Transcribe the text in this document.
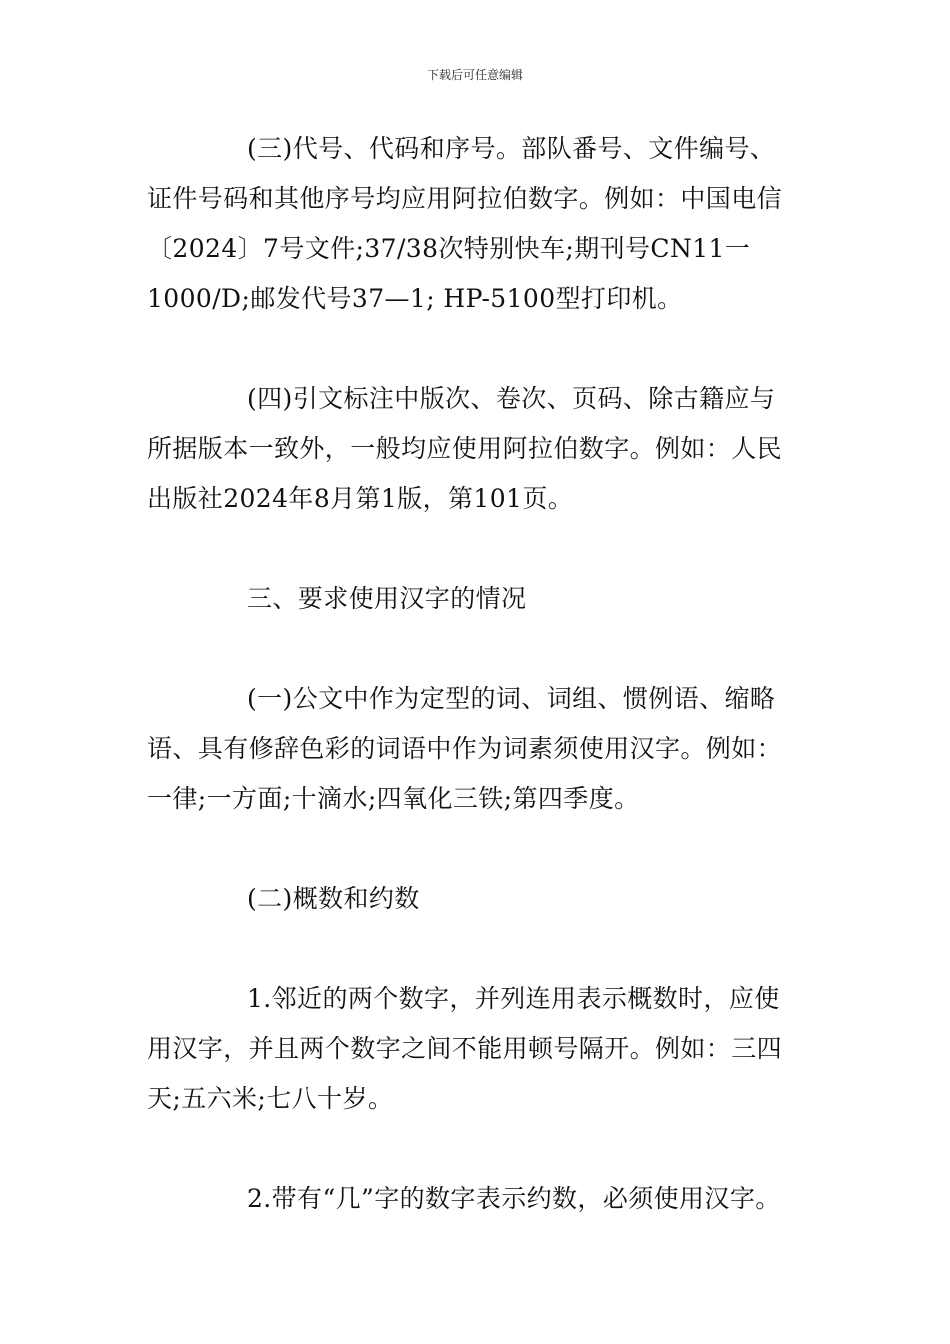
下载后可任意编辑
(三)代号、代码和序号。部队番号、文件编号、
证件号码和其他序号均应用阿拉伯数字。例如：中国电信
〔2024〕7号文件;37/38次特别快车;期刊号CN11一
1000/D;邮发代号37—1; HP-5100型打印机。
(四)引文标注中版次、卷次、页码、除古籍应与
所据版本一致外，一般均应使用阿拉伯数字。例如：人民
出版社2024年8月第1版，第101页。
三、要求使用汉字的情况
(一)公文中作为定型的词、词组、惯例语、缩略
语、具有修辞色彩的词语中作为词素须使用汉字。例如：
一律;一方面;十滴水;四氧化三铁;第四季度。
(二)概数和约数
1.邻近的两个数字，并列连用表示概数时，应使
用汉字，并且两个数字之间不能用顿号隔开。例如：三四
天;五六米;七八十岁。
2.带有“几”字的数字表示约数，必须使用汉字。
